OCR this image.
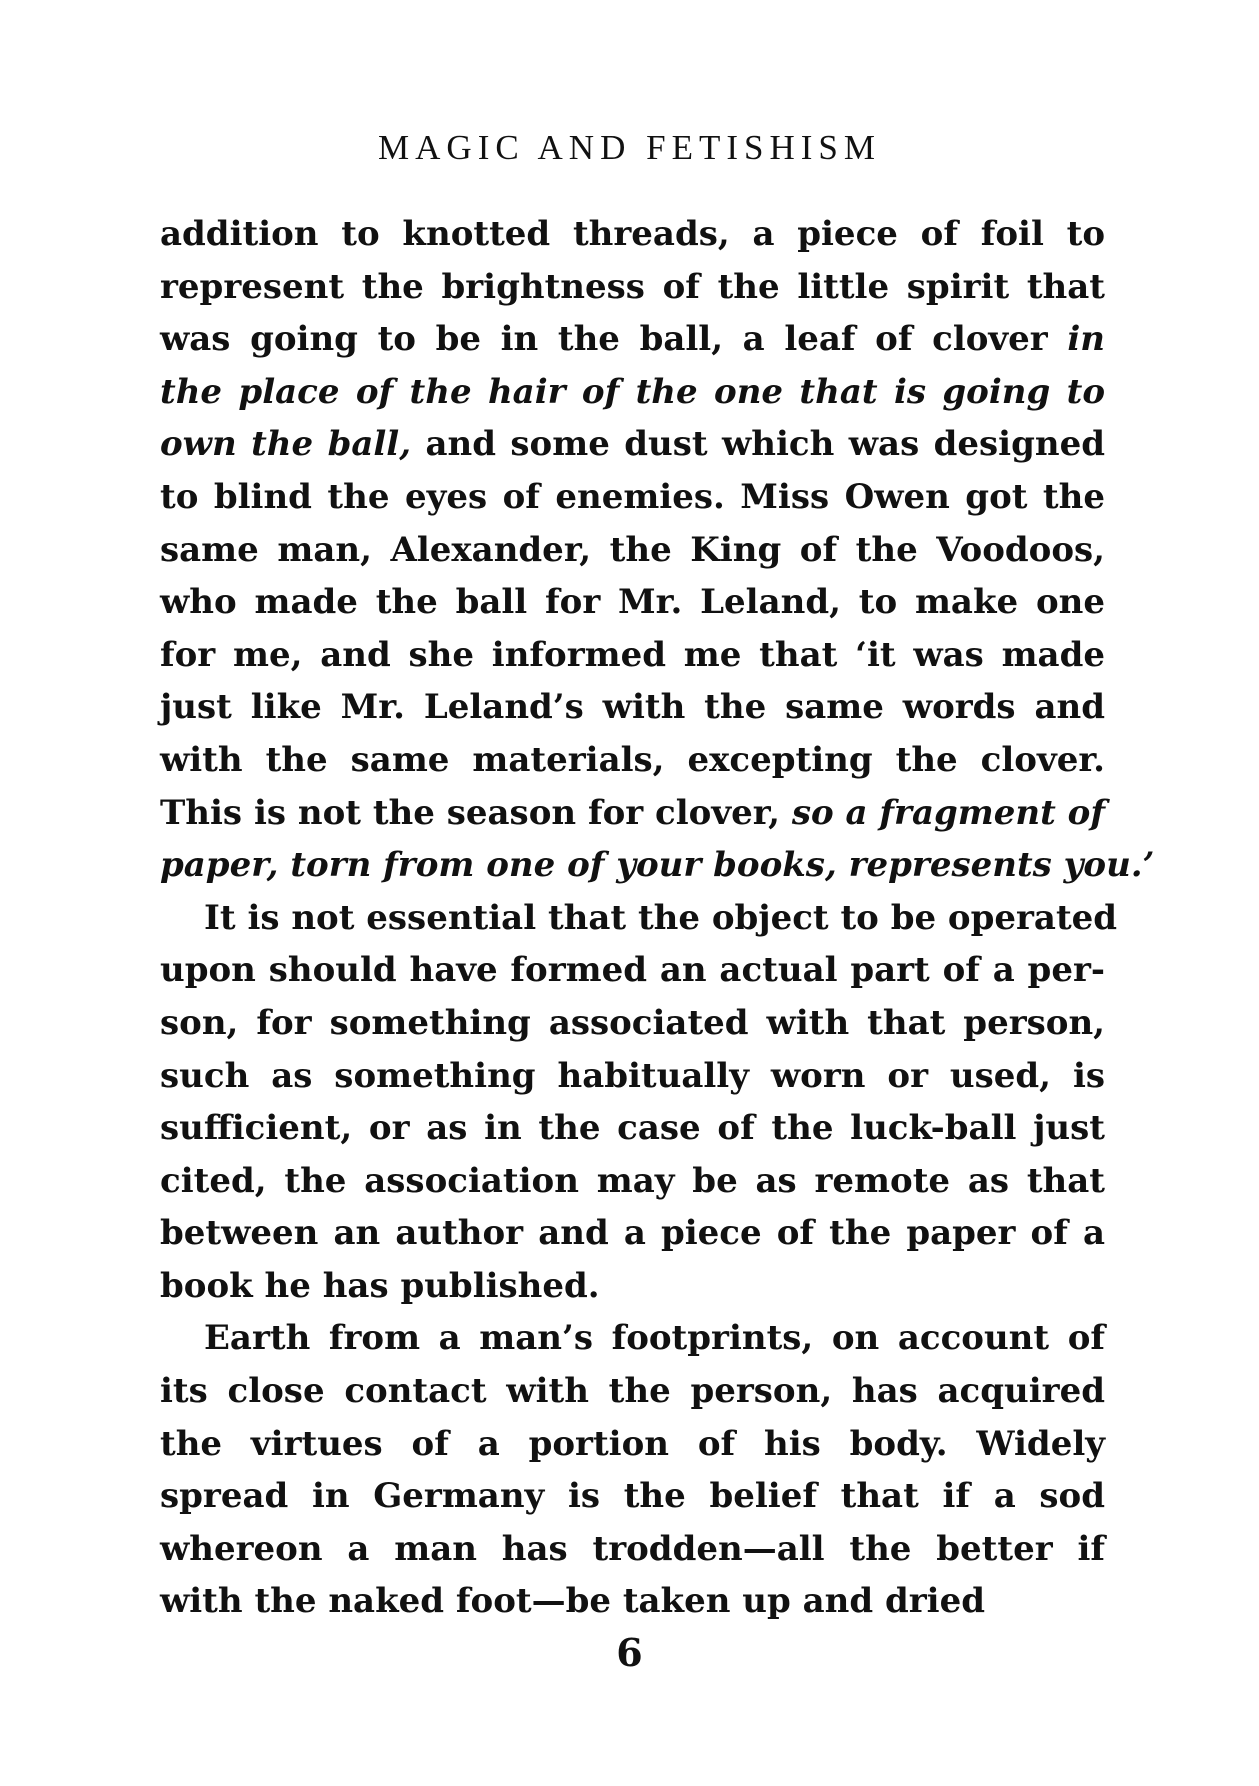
MAGIC AND FETISHISM
addition to knotted threads, a piece of foil to
represent the brightness of the little spirit that
was going to be in the ball, a leaf of clover in
the place of the hair of the one that is going to
own the ball, and some dust which was designed
to blind the eyes of enemies. Miss Owen got the
same man, Alexander, the King of the Voodoos,
who made the ball for Mr. Leland, to make one
for me, and she informed me that ‘it was made
just like Mr. Leland’s with the same words and
with the same materials, excepting the clover.
This is not the season for clover, so a fragment of
paper, torn from one of your books, represents you.’
It is not essential that the object to be operated
upon should have formed an actual part of a per-
son, for something associated with that person,
such as something habitually worn or used, is
sufficient, or as in the case of the luck-ball just
cited, the association may be as remote as that
between an author and a piece of the paper of a
book he has published.
Earth from a man’s footprints, on account of
its close contact with the person, has acquired
the virtues of a portion of his body. Widely
spread in Germany is the belief that if a sod
whereon a man has trodden—all the better if
with the naked foot—be taken up and dried
6
